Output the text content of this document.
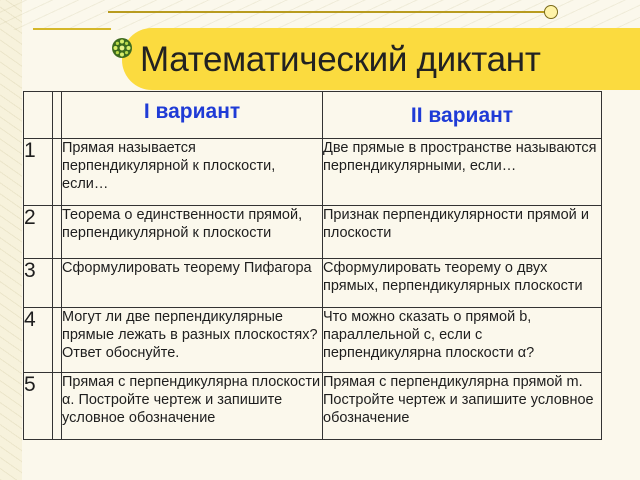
Математический диктант
		I вариант	II вариант
1		Прямая называется перпендикулярной к плоскости, если…	Две прямые в пространстве называются перпендикулярными, если…
2		Теорема о единственности прямой, перпендикулярной к плоскости	Признак перпендикулярности прямой и плоскости
3		Сформулировать теорему Пифагора	Сформулировать теорему о двух прямых, перпендикулярных плоскости
4		Могут ли две перпендикулярные прямые лежать в разных плоскостях? Ответ обоснуйте.	Что можно сказать о прямой b, параллельной c, если с перпендикулярна плоскости α?
5		Прямая с перпендикулярна плоскости α. Постройте чертеж и запишите условное обозначение	Прямая с перпендикулярна прямой m. Постройте чертеж и запишите условное обозначение
